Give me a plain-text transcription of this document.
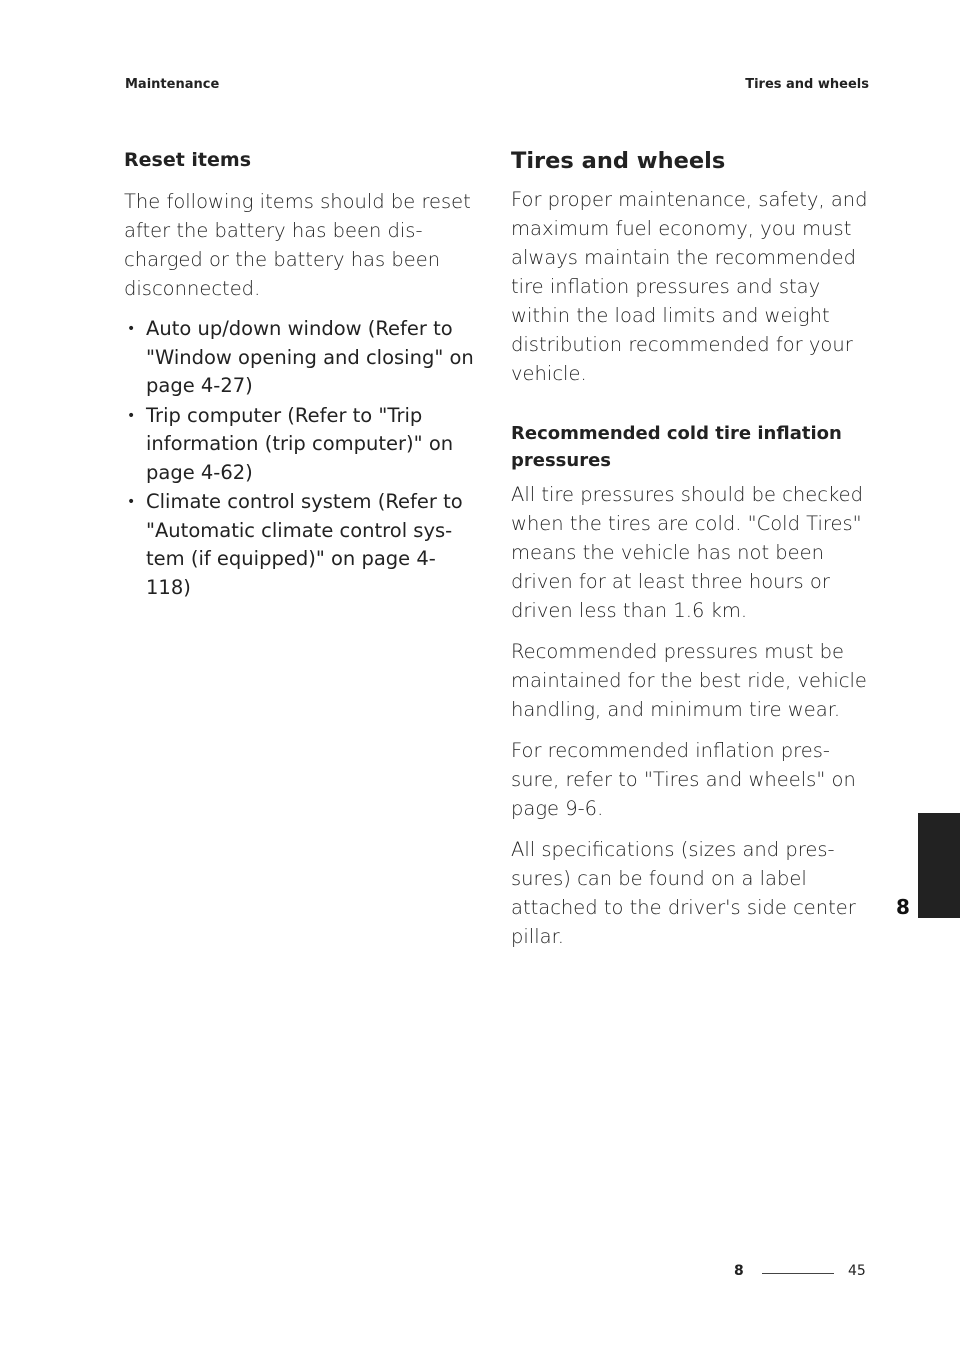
Maintenance	Tires and wheels
Reset items
The following items should be reset
after the battery has been dis‐
charged or the battery has been
disconnected.
• Auto up/down window (Refer to
"Window opening and closing" on
page 4-27)
• Trip computer (Refer to "Trip
information (trip computer)" on
page 4-62)
• Climate control system (Refer to
"Automatic climate control sys‐
tem (if equipped)" on page 4-118)
Tires and wheels
For proper maintenance, safety, and
maximum fuel economy, you must
always maintain the recommended
tire inflation pressures and stay
within the load limits and weight
distribution recommended for your
vehicle.
Recommended cold tire inflation
pressures
All tire pressures should be checked
when the tires are cold. "Cold Tires"
means the vehicle has not been
driven for at least three hours or
driven less than 1.6 km.
Recommended pressures must be
maintained for the best ride, vehicle
handling, and minimum tire wear.
For recommended inflation pres‐
sure, refer to "Tires and wheels" on
page 9-6.
All specifications (sizes and pres‐
sures) can be found on a label
attached to the driver's side center
pillar.
8
8	45
